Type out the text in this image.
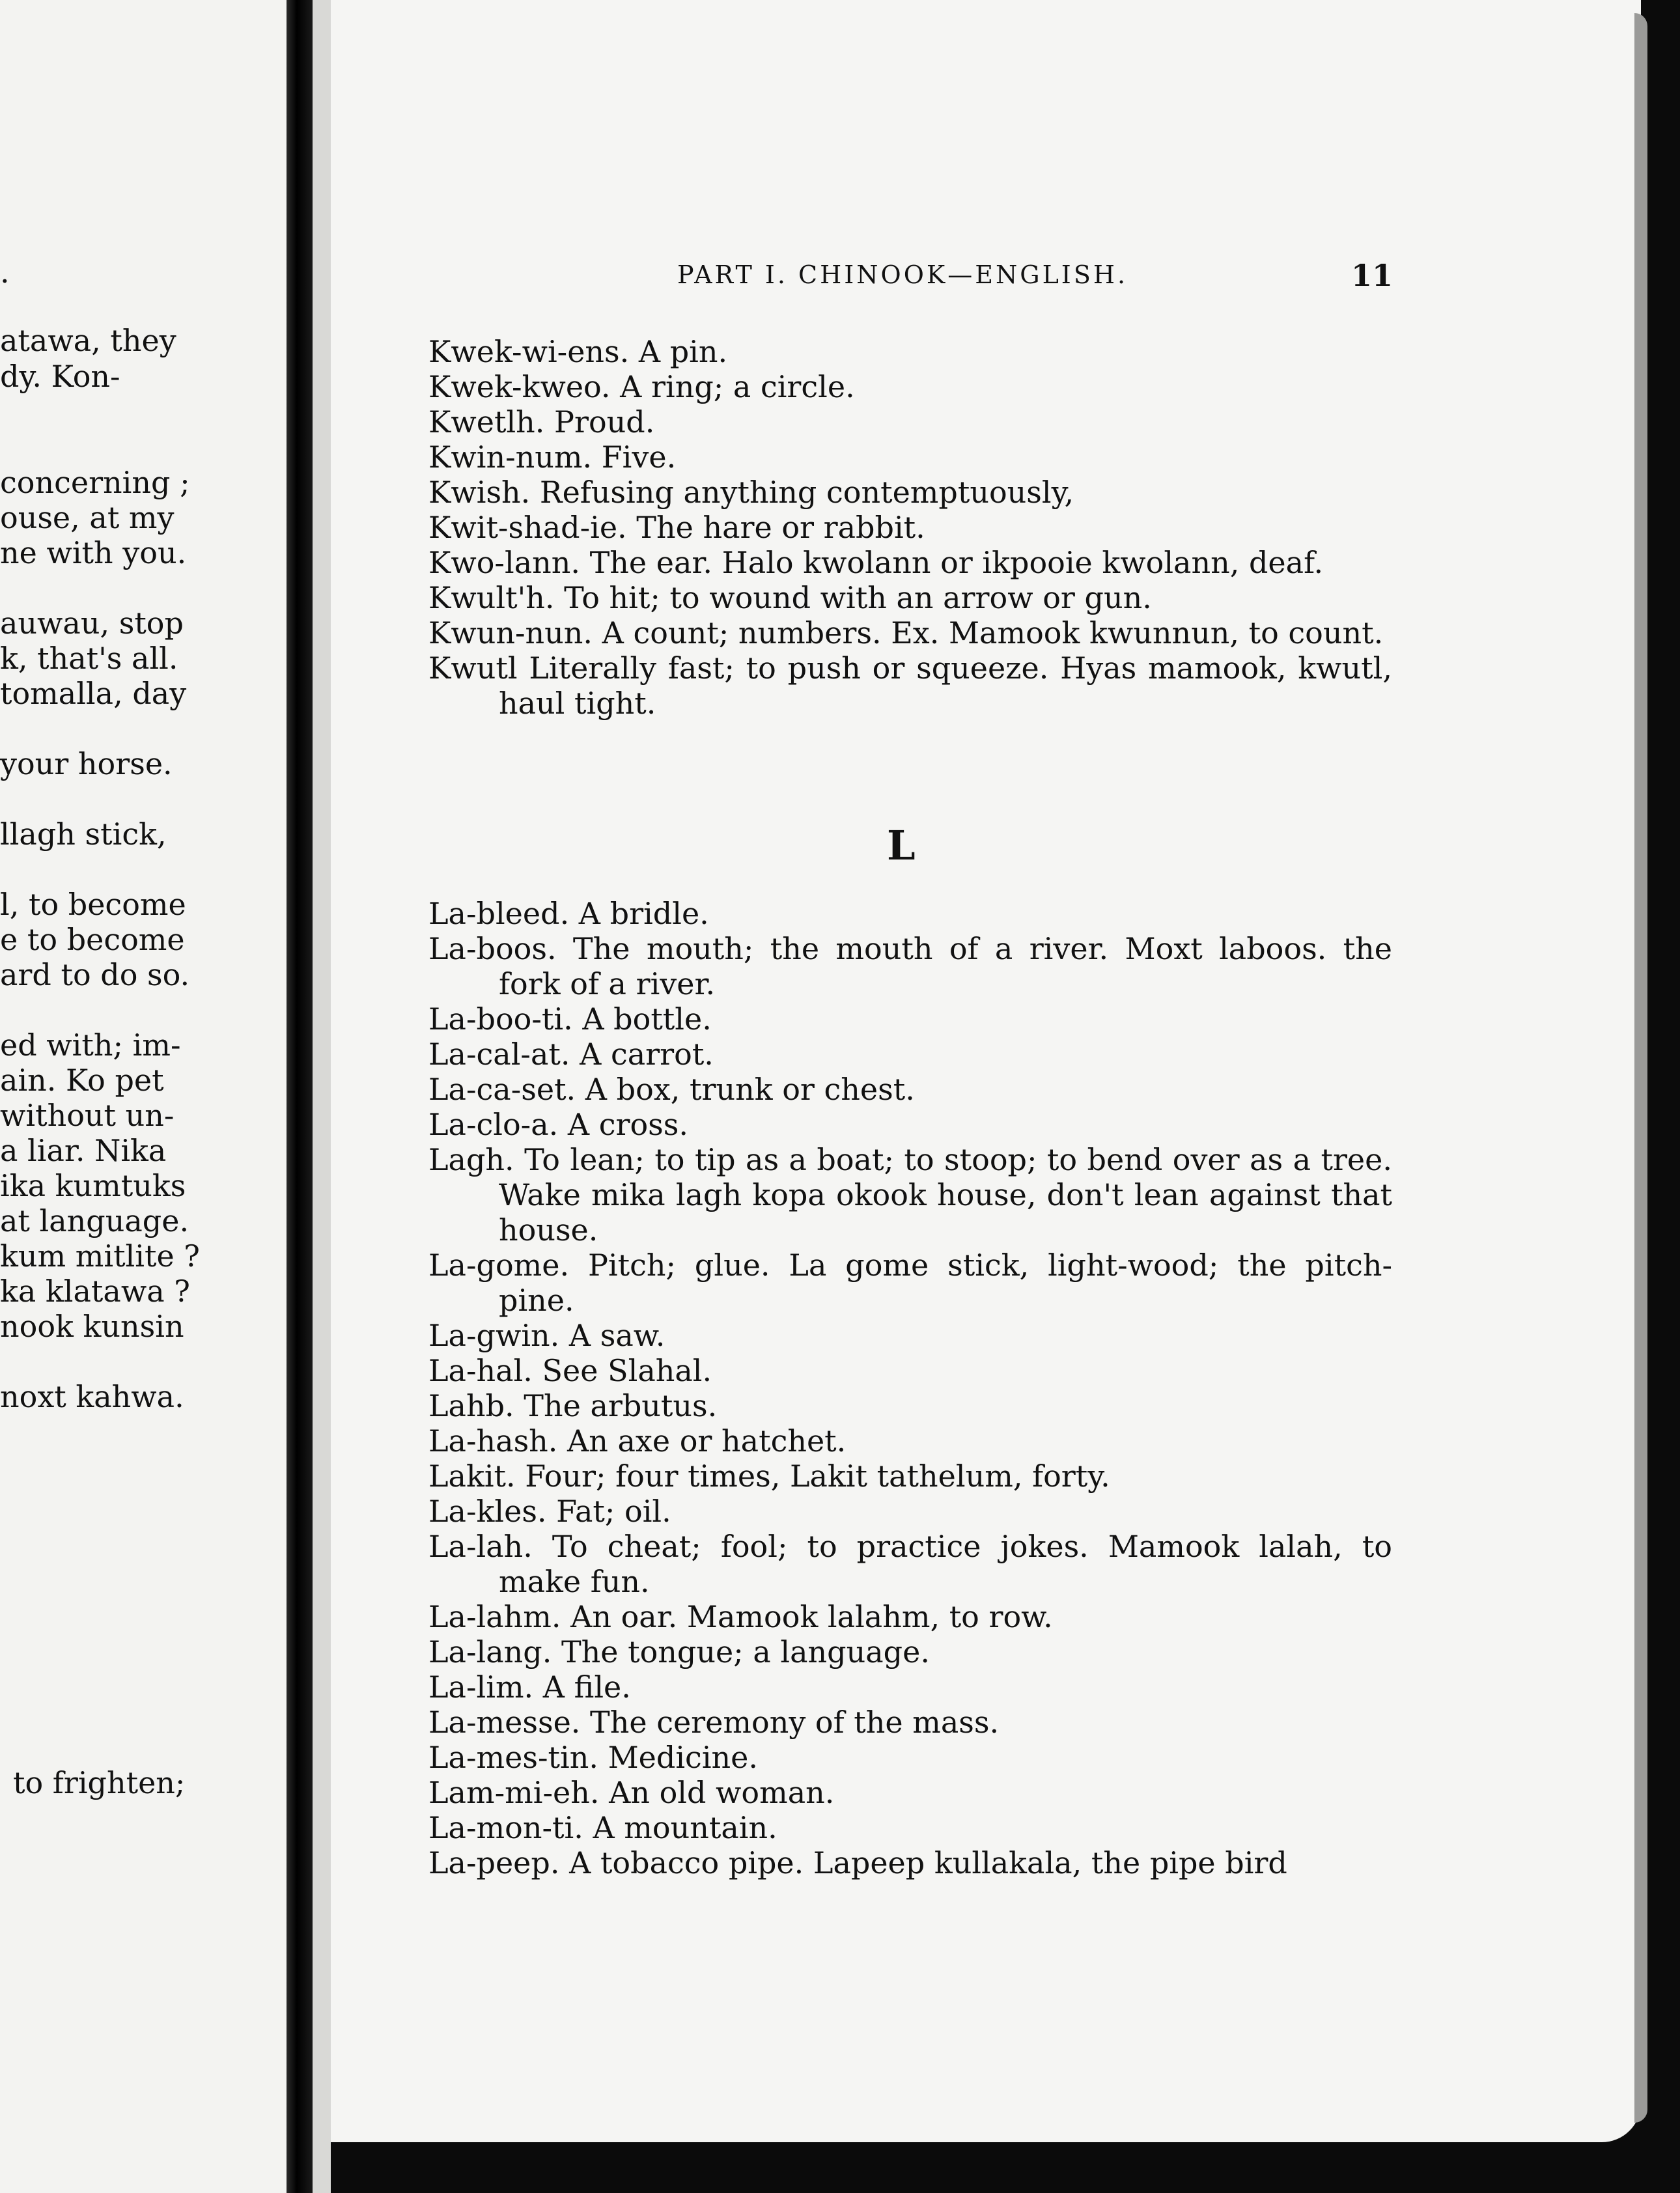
.
atawa, they
dy. Kon-
concerning ;
ouse, at my
ne with you.
auwau, stop
k, that's all.
tomalla, day
your horse.
llagh stick,
l, to become
e to become
ard to do so.
ed with; im-
ain. Ko pet
without un-
a liar. Nika
ika kumtuks
at language.
kum mitlite ?
ka klatawa ?
nook kunsin
noxt kahwa.
to frighten;
PART I. CHINOOK—ENGLISH.	11

Kwek-wi-ens. A pin.

Kwek-kweo. A ring; a circle.

Kwetlh. Proud.

Kwin-num. Five.

Kwish. Refusing anything contemptuously,

Kwit-shad-ie. The hare or rabbit.

Kwo-lann. The ear. Halo kwolann or ikpooie kwolann, deaf.

Kwult'h. To hit; to wound with an arrow or gun.

Kwun-nun. A count; numbers. Ex. Mamook kwunnun, to count.

Kwutl Literally fast; to push or squeeze. Hyas mamook, kwutl, haul tight.

L

La-bleed. A bridle.

La-boos. The mouth; the mouth of a river. Moxt laboos. the fork of a river.

La-boo-ti. A bottle.

La-cal-at. A carrot.

La-ca-set. A box, trunk or chest.

La-clo-a. A cross.

Lagh. To lean; to tip as a boat; to stoop; to bend over as a tree. Wake mika lagh kopa okook house, don't lean against that house.

La-gome. Pitch; glue. La gome stick, light-wood; the pitch-pine.

La-gwin. A saw.

La-hal. See Slahal.

Lahb. The arbutus.

La-hash. An axe or hatchet.

Lakit. Four; four times, Lakit tathelum, forty.

La-kles. Fat; oil.

La-lah. To cheat; fool; to practice jokes. Mamook lalah, to make fun.

La-lahm. An oar. Mamook lalahm, to row.

La-lang. The tongue; a language.

La-lim. A file.

La-messe. The ceremony of the mass.

La-mes-tin. Medicine.

Lam-mi-eh. An old woman.

La-mon-ti. A mountain.

La-peep. A tobacco pipe. Lapeep kullakala, the pipe bird
